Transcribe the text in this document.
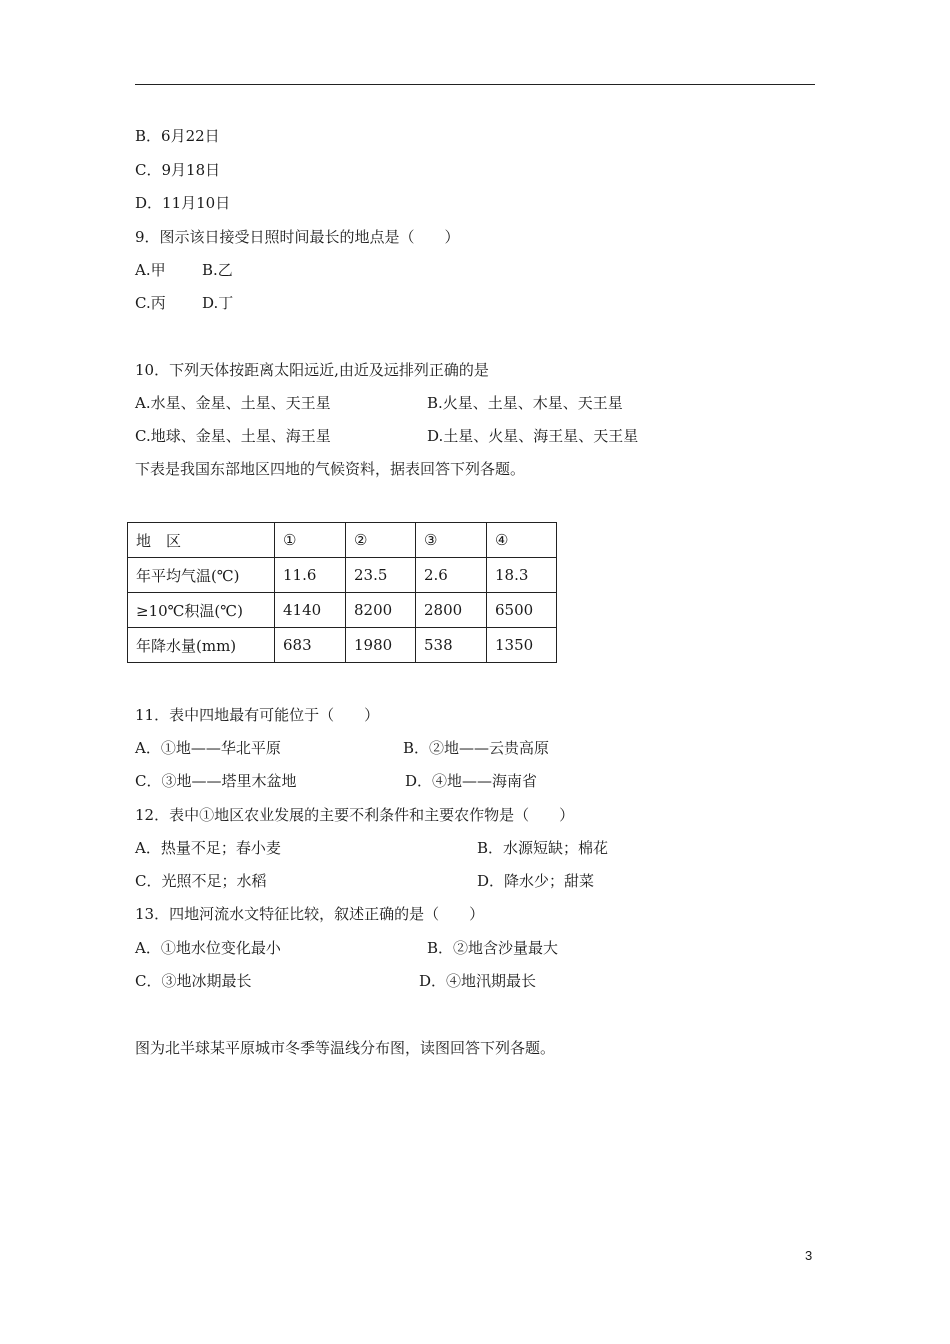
B．6月22日
C．9月18日
D．11月10日
9．图示该日接受日照时间最长的地点是（　　）
A.甲 B.乙
C.丙 D.丁
10．下列天体按距离太阳远近,由近及远排列正确的是
A.水星、金星、土星、天王星	B.火星、土星、木星、天王星
C.地球、金星、土星、海王星	D.土星、火星、海王星、天王星
下表是我国东部地区四地的气候资料，据表回答下列各题。
地　区	①	②	③	④
年平均气温(℃)	11.6	23.5	2.6	18.3
≥10℃积温(℃)	4140	8200	2800	6500
年降水量(mm)	683	1980	538	1350
11．表中四地最有可能位于（　　）
A．①地——华北平原	B．②地——云贵高原
C．③地——塔里木盆地	D．④地——海南省
12．表中①地区农业发展的主要不利条件和主要农作物是（　　）
A．热量不足；春小麦	B．水源短缺；棉花
C．光照不足；水稻	D．降水少；甜菜
13．四地河流水文特征比较，叙述正确的是（　　）
A．①地水位变化最小	B．②地含沙量最大
C．③地冰期最长	D．④地汛期最长
图为北半球某平原城市冬季等温线分布图，读图回答下列各题。
3
